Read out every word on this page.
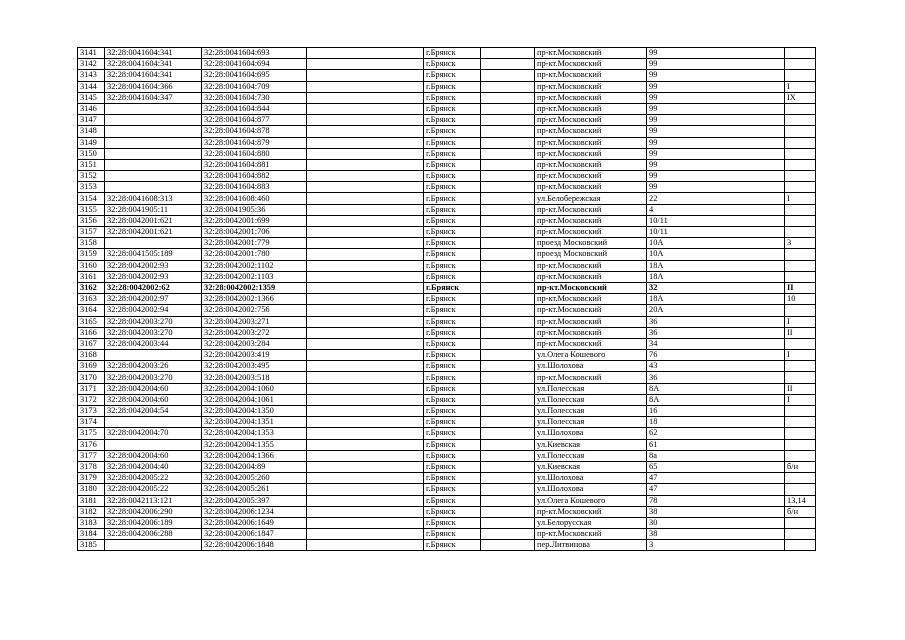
3141	32:28:0041604:341	32:28:0041604:693		г.Брянск		пр-кт.Московский	99	
3142	32:28:0041604:341	32:28:0041604:694		г.Брянск		пр-кт.Московский	99	
3143	32:28:0041604:341	32:28:0041604:695		г.Брянск		пр-кт.Московский	99	
3144	32:28:0041604:366	32:28:0041604:709		г.Брянск		пр-кт.Московский	99	I
3145	32:28:0041604:347	32:28:0041604:730		г.Брянск		пр-кт.Московский	99	IX
3146		32:28:0041604:844		г.Брянск		пр-кт.Московский	99	
3147		32:28:0041604:877		г.Брянск		пр-кт.Московский	99	
3148		32:28:0041604:878		г.Брянск		пр-кт.Московский	99	
3149		32:28:0041604:879		г.Брянск		пр-кт.Московский	99	
3150		32:28:0041604:880		г.Брянск		пр-кт.Московский	99	
3151		32:28:0041604:881		г.Брянск		пр-кт.Московский	99	
3152		32:28:0041604:882		г.Брянск		пр-кт.Московский	99	
3153		32:28:0041604:883		г.Брянск		пр-кт.Московский	99	
3154	32:28:0041608:313	32:28:0041608:460		г.Брянск		ул.Белобережская	22	I
3155	32:28:0041905:11	32:28:0041905:36		г.Брянск		пр-кт.Московский	4	
3156	32:28:0042001:621	32:28:0042001:699		г.Брянск		пр-кт.Московский	10/11	
3157	32:28:0042001:621	32:28:0042001:706		г.Брянск		пр-кт.Московский	10/11	
3158		32:28:0042001:779		г.Брянск		проезд Московский	10А	3
3159	32:28:0041505:189	32:28:0042001:780		г.Брянск		проезд Московский	10А	
3160	32:28:0042002:93	32:28:0042002:1102		г.Брянск		пр-кт.Московский	18А	
3161	32:28:0042002:93	32:28:0042002:1103		г.Брянск		пр-кт.Московский	18А	
3162	32:28:0042002:62	32:28:0042002:1359		г.Брянск		пр-кт.Московский	32	II
3163	32:28:0042002:97	32:28:0042002:1366		г.Брянск		пр-кт.Московский	18А	10
3164	32:28:0042002:94	32:28:0042002:756		г.Брянск		пр-кт.Московский	20А	
3165	32:28:0042003:270	32:28:0042003:271		г.Брянск		пр-кт.Московский	36	I
3166	32:28:0042003:270	32:28:0042003:272		г.Брянск		пр-кт.Московский	36	II
3167	32:28:0042003:44	32:28:0042003:284		г.Брянск		пр-кт.Московский	34	
3168		32:28:0042003:419		г.Брянск		ул.Олега Кошевого	76	I
3169	32:28:0042003:26	32:28:0042003:495		г.Брянск		ул.Шолохова	43	
3170	32:28:0042003:270	32:28:0042003:518		г.Брянск		пр-кт.Московский	36	
3171	32:28:0042004:60	32:28:0042004:1060		г.Брянск		ул.Полесская	8А	II
3172	32:28:0042004:60	32:28:0042004:1061		г.Брянск		ул.Полесская	8А	I
3173	32:28:0042004:54	32:28:0042004:1350		г.Брянск		ул.Полесская	16	
3174		32:28:0042004:1351		г.Брянск		ул.Полесская	18	
3175	32:28:0042004:70	32:28:0042004:1353		г.Брянск		ул.Шолохова	62	
3176		32:28:0042004:1355		г.Брянск		ул.Киевская	61	
3177	32:28:0042004:60	32:28:0042004:1366		г.Брянск		ул.Полесская	8а	
3178	32:28:0042004:40	32:28:0042004:89		г.Брянск		ул.Киевская	65	б/н
3179	32:28:0042005:22	32:28:0042005:260		г.Брянск		ул.Шолохова	47	
3180	32:28:0042005:22	32:28:0042005:261		г.Брянск		ул.Шолохова	47	
3181	32:28:0042113:121	32:28:0042005:397		г.Брянск		ул.Олега Кошевого	78	13,14
3182	32:28:0042006:290	32:28:0042006:1234		г.Брянск		пр-кт.Московский	38	б/н
3183	32:28:0042006:189	32:28:0042006:1649		г.Брянск		ул.Белорусская	30	
3184	32:28:0042006:288	32:28:0042006:1847		г.Брянск		пр-кт.Московский	38	
3185		32:28:0042006:1848		г.Брянск		пер.Литвинова	3	
